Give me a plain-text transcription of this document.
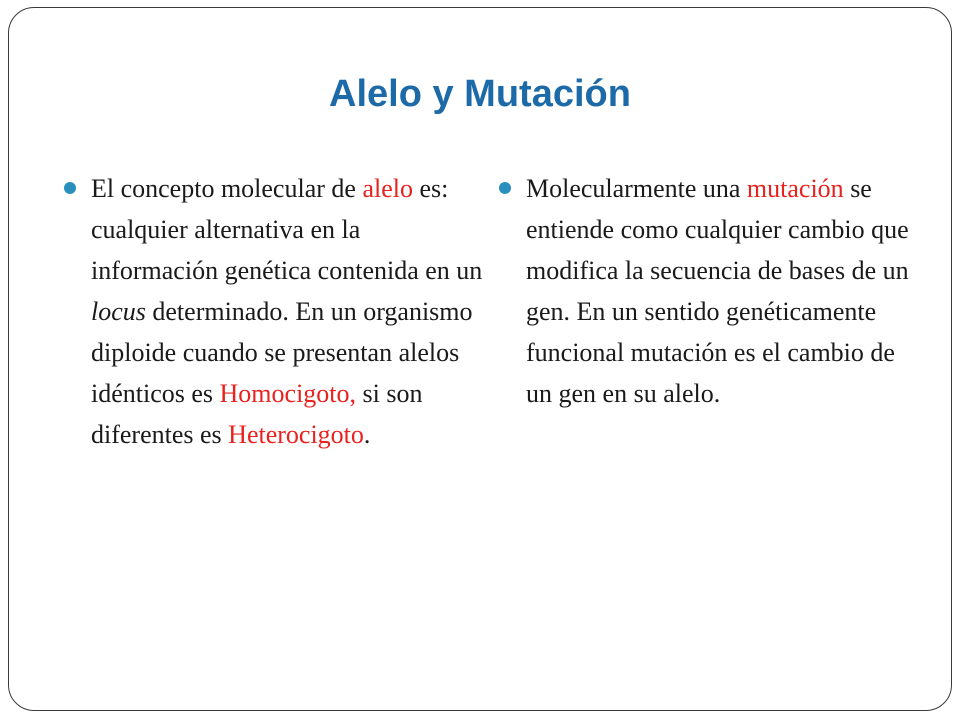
Alelo y Mutación

El concepto molecular de alelo es: cualquier alternativa en la información genética contenida en un locus determinado. En un organismo diploide cuando se presentan alelos idénticos es Homocigoto, si son diferentes es Heterocigoto.

Molecularmente una mutación se entiende como cualquier cambio que modifica la secuencia de bases de un gen. En un sentido genéticamente funcional mutación es el cambio de un gen en su alelo.
